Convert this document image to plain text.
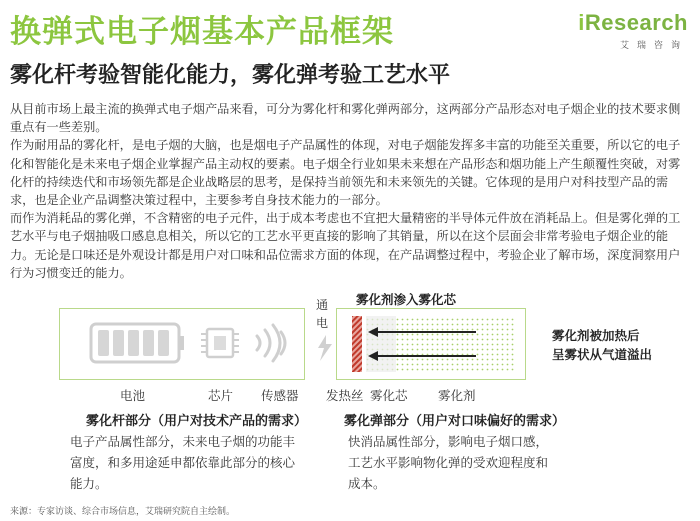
换弹式电子烟基本产品框架	iResearch
艾瑞咨询
雾化杆考验智能化能力，雾化弹考验工艺水平

从目前市场上最主流的换弹式电子烟产品来看，可分为雾化杆和雾化弹两部分，这两部分产品形态对电子烟企业的技术要求侧重点有一些差别。

作为耐用品的雾化杆，是电子烟的大脑，也是烟电子产品属性的体现，对电子烟能发挥多丰富的功能至关重要，所以它的电子化和智能化是未来电子烟企业掌握产品主动权的要素。电子烟全行业如果未来想在产品形态和烟功能上产生颠覆性突破，对雾化杆的持续迭代和市场领先都是企业战略层的思考，是保持当前领先和未来领先的关键。它体现的是用户对科技型产品的需求，也是企业产品调整决策过程中，主要参考自身技术能力的一部分。

而作为消耗品的雾化弹，不含精密的电子元件，出于成本考虑也不宜把大量精密的半导体元件放在消耗品上。但是雾化弹的工艺水平与电子烟抽吸口感息息相关，所以它的工艺水平更直接的影响了其销量，所以在这个层面会非常考验电子烟企业的能力。无论是口味还是外观设计都是用户对口味和品位需求方面的体现，在产品调整过程中，考验企业了解市场，深度洞察用户行为习惯变迁的能力。

通电
雾化剂渗入雾化芯
雾化剂被加热后
呈雾状从气道溢出
电池	芯片 传感器 发热丝 雾化芯 雾化剂
雾化杆部分（用户对技术产品的需求）
电子产品属性部分，未来电子烟的功能丰
富度，和多用途延申都依靠此部分的核心
能力。
雾化弹部分（用户对口味偏好的需求）
快消品属性部分，影响电子烟口感，
工艺水平影响物化弹的受欢迎程度和
成本。
来源：专家访谈、综合市场信息，艾瑞研究院自主绘制。
